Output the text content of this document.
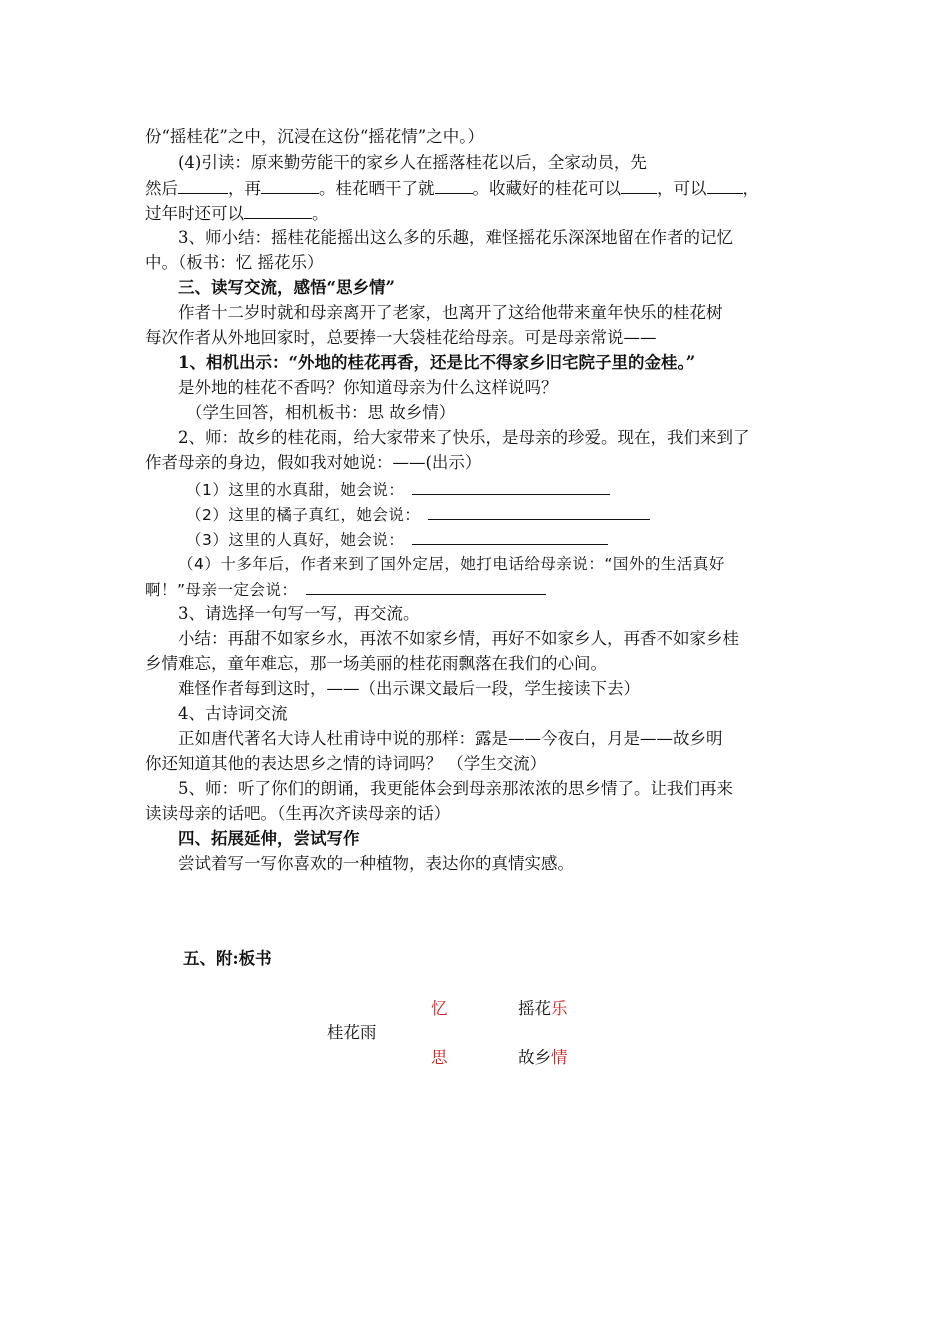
份“摇桂花”之中，沉浸在这份“摇花情”之中。）
(4)引读：原来勤劳能干的家乡人在摇落桂花以后，全家动员，先
然后	，再	。桂花晒干了就 。收藏好的桂花可以 ，可以 ，
过年时还可以	。
3、师小结：摇桂花能摇出这么多的乐趣，难怪摇花乐深深地留在作者的记忆
中。（板书：忆 摇花乐）
三、读写交流，感悟“思乡情”
作者十二岁时就和母亲离开了老家，也离开了这给他带来童年快乐的桂花树
每次作者从外地回家时，总要捧一大袋桂花给母亲。可是母亲常说——
1、相机出示：“外地的桂花再香，还是比不得家乡旧宅院子里的金桂。”
是外地的桂花不香吗？你知道母亲为什么这样说吗？
（学生回答，相机板书：思 故乡情）
2、师：故乡的桂花雨，给大家带来了快乐，是母亲的珍爱。现在，我们来到了
作者母亲的身边，假如我对她说：——(出示）
（1）这里的水真甜，她会说：
（2）这里的橘子真红，她会说：
（3）这里的人真好，她会说：
（4）十多年后，作者来到了国外定居，她打电话给母亲说：“国外的生活真好
啊！”母亲一定会说：
3、请选择一句写一写，再交流。
小结：再甜不如家乡水，再浓不如家乡情，再好不如家乡人，再香不如家乡桂
乡情难忘，童年难忘，那一场美丽的桂花雨飘落在我们的心间。
难怪作者每到这时，——（出示课文最后一段，学生接读下去）
4、古诗词交流
正如唐代著名大诗人杜甫诗中说的那样：露是——今夜白，月是——故乡明
你还知道其他的表达思乡之情的诗词吗？ （学生交流）
5、师：听了你们的朗诵，我更能体会到母亲那浓浓的思乡情了。让我们再来
读读母亲的话吧。（生再次齐读母亲的话）
四、拓展延伸，尝试写作
尝试着写一写你喜欢的一种植物，表达你的真情实感。
五、附:板书
忆	摇花乐
桂花雨
思	故乡情
